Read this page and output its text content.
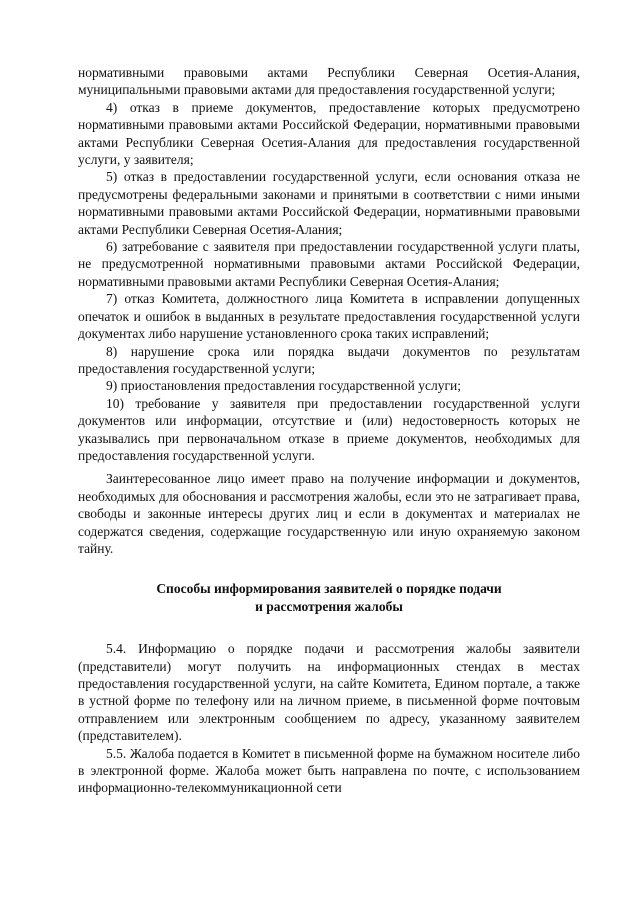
нормативными правовыми актами Республики Северная Осетия-Алания, муниципальными правовыми актами для предоставления государственной услуги;

4) отказ в приеме документов, предоставление которых предусмотрено нормативными правовыми актами Российской Федерации, нормативными правовыми актами Республики Северная Осетия-Алания для предоставления государственной услуги, у заявителя;

5) отказ в предоставлении государственной услуги, если основания отказа не предусмотрены федеральными законами и принятыми в соответствии с ними иными нормативными правовыми актами Российской Федерации, нормативными правовыми актами Республики Северная Осетия-Алания;

6) затребование с заявителя при предоставлении государственной услуги платы, не предусмотренной нормативными правовыми актами Российской Федерации, нормативными правовыми актами Республики Северная Осетия-Алания;

7) отказ Комитета, должностного лица Комитета в исправлении допущенных опечаток и ошибок в выданных в результате предоставления государственной услуги документах либо нарушение установленного срока таких исправлений;

8) нарушение срока или порядка выдачи документов по результатам предоставления государственной услуги;

9) приостановления предоставления государственной услуги;

10) требование у заявителя при предоставлении государственной услуги документов или информации, отсутствие и (или) недостоверность которых не указывались при первоначальном отказе в приеме документов, необходимых для предоставления государственной услуги.

Заинтересованное лицо имеет право на получение информации и документов, необходимых для обоснования и рассмотрения жалобы, если это не затрагивает права, свободы и законные интересы других лиц и если в документах и материалах не содержатся сведения, содержащие государственную или иную охраняемую законом тайну.

Способы информирования заявителей о порядке подачи
и рассмотрения жалобы

5.4. Информацию о порядке подачи и рассмотрения жалобы заявители (представители) могут получить на информационных стендах в местах предоставления государственной услуги, на сайте Комитета, Едином портале, а также в устной форме по телефону или на личном приеме, в письменной форме почтовым отправлением или электронным сообщением по адресу, указанному заявителем (представителем).

5.5. Жалоба подается в Комитет в письменной форме на бумажном носителе либо в электронной форме. Жалоба может быть направлена по почте, с использованием информационно-телекоммуникационной сети
